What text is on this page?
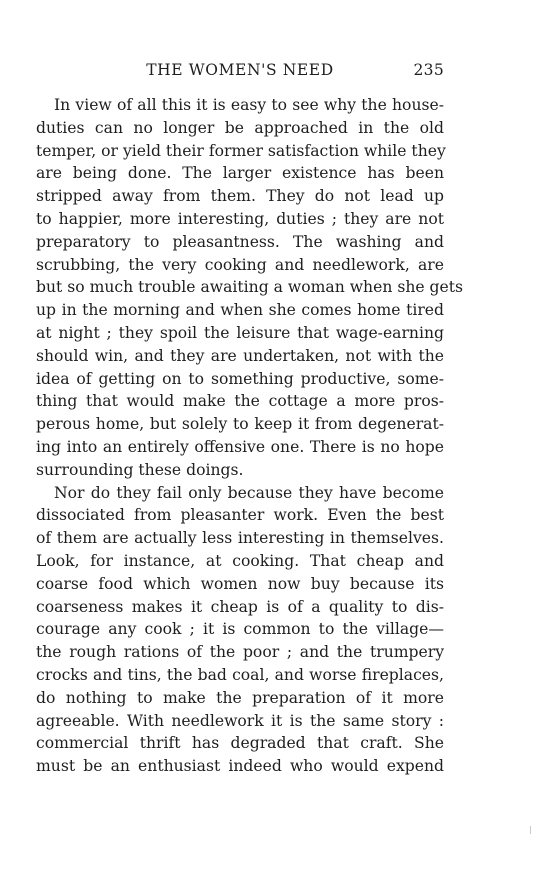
THE WOMEN'S NEED	235
In view of all this it is easy to see why the house-
duties can no longer be approached in the old
temper, or yield their former satisfaction while they
are being done. The larger existence has been
stripped away from them. They do not lead up
to happier, more interesting, duties ; they are not
preparatory to pleasantness. The washing and
scrubbing, the very cooking and needlework, are
but so much trouble awaiting a woman when she gets
up in the morning and when she comes home tired
at night ; they spoil the leisure that wage-earning
should win, and they are undertaken, not with the
idea of getting on to something productive, some-
thing that would make the cottage a more pros-
perous home, but solely to keep it from degenerat-
ing into an entirely offensive one. There is no hope
surrounding these doings.
Nor do they fail only because they have become
dissociated from pleasanter work. Even the best
of them are actually less interesting in themselves.
Look, for instance, at cooking. That cheap and
coarse food which women now buy because its
coarseness makes it cheap is of a quality to dis-
courage any cook ; it is common to the village—
the rough rations of the poor ; and the trumpery
crocks and tins, the bad coal, and worse fireplaces,
do nothing to make the preparation of it more
agreeable. With needlework it is the same story :
commercial thrift has degraded that craft. She
must be an enthusiast indeed who would expend
